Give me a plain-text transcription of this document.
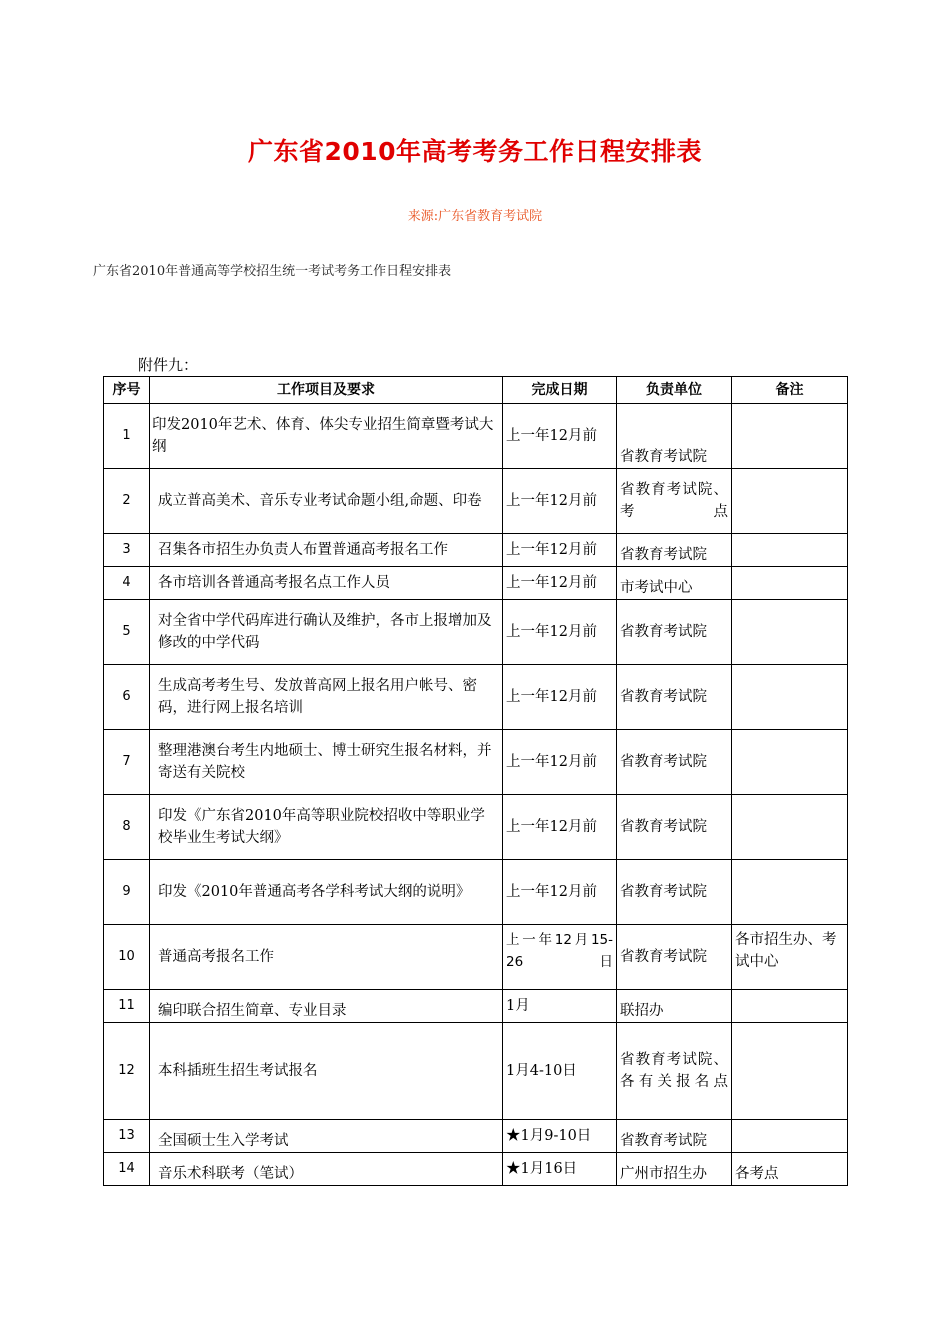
广东省2010年高考考务工作日程安排表
来源:广东省教育考试院
广东省2010年普通高等学校招生统一考试考务工作日程安排表
附件九：
序号	工作项目及要求	完成日期	负责单位	备注
1	印发2010年艺术、体育、体尖专业招生简章暨考试大纲	上一年12月前	省教育考试院	
2	成立普高美术、音乐专业考试命题小组,命题、印卷	上一年12月前	省教育考试院、考点	
3	召集各市招生办负责人布置普通高考报名工作	上一年12月前	省教育考试院	
4	各市培训各普通高考报名点工作人员	上一年12月前	市考试中心	
5	对全省中学代码库进行确认及维护，各市上报增加及修改的中学代码	上一年12月前	省教育考试院	
6	生成高考考生号、发放普高网上报名用户帐号、密码，进行网上报名培训	上一年12月前	省教育考试院	
7	整理港澳台考生内地硕士、博士研究生报名材料，并寄送有关院校	上一年12月前	省教育考试院	
8	印发《广东省2010年高等职业院校招收中等职业学校毕业生考试大纲》	上一年12月前	省教育考试院	
9	印发《2010年普通高考各学科考试大纲的说明》	上一年12月前	省教育考试院	
10	普通高考报名工作	上一年12月15-26日	省教育考试院	各市招生办、考试中心
11	编印联合招生简章、专业目录	1月	联招办	
12	本科插班生招生考试报名	1月4-10日	省教育考试院、各有关报名点	
13	全国硕士生入学考试	★1月9-10日	省教育考试院	
14	音乐术科联考（笔试）	★1月16日	广州市招生办	各考点
